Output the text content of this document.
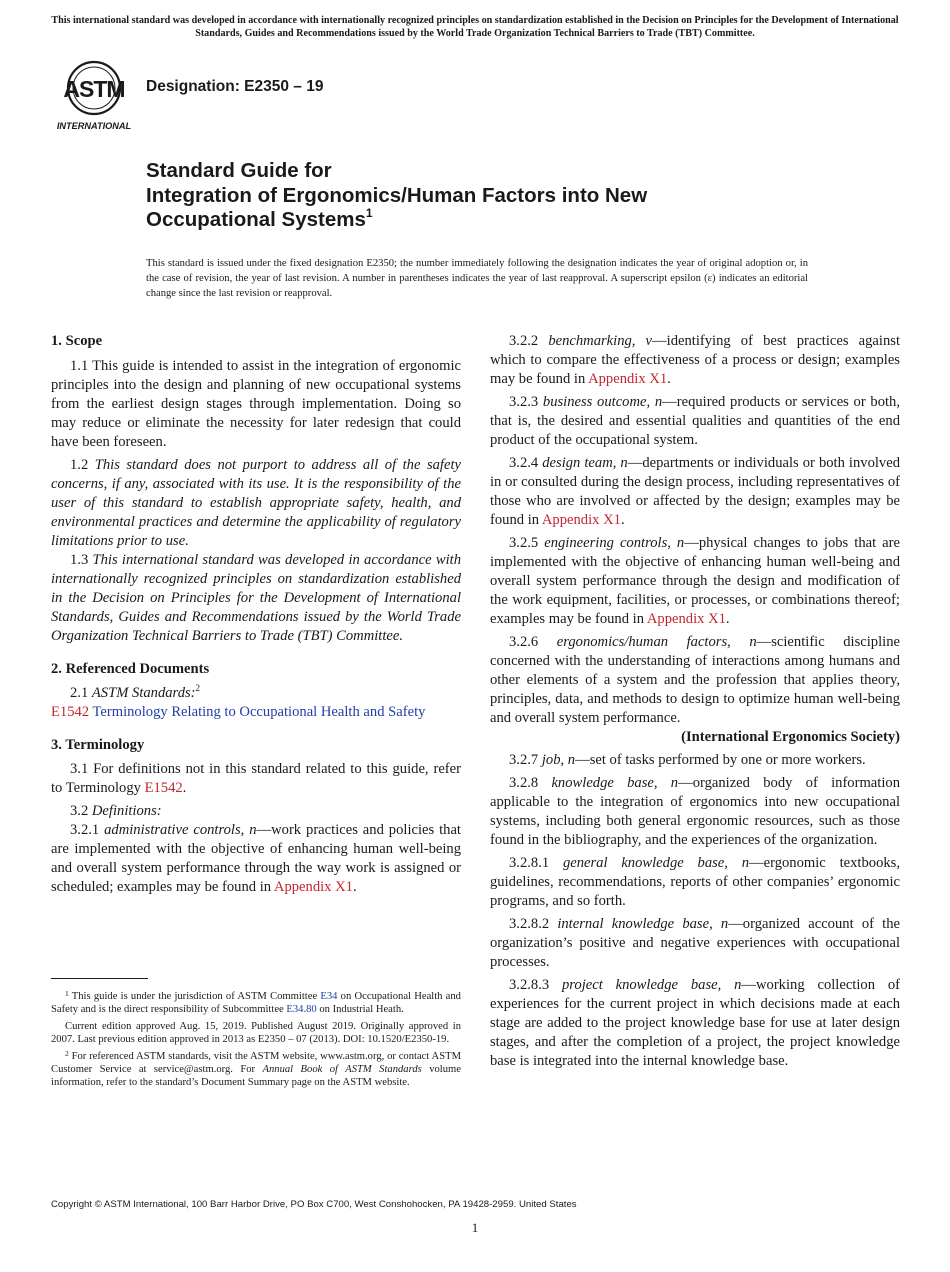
This international standard was developed in accordance with internationally recognized principles on standardization established in the Decision on Principles for the Development of International Standards, Guides and Recommendations issued by the World Trade Organization Technical Barriers to Trade (TBT) Committee.
ASTM
INTERNATIONAL
Designation: E2350 – 19
Standard Guide for
Integration of Ergonomics/Human Factors into New
Occupational Systems$^1$
This standard is issued under the fixed designation E2350; the number immediately following the designation indicates the year of original adoption or, in the case of revision, the year of last revision. A number in parentheses indicates the year of last reapproval. A superscript epsilon (ε) indicates an editorial change since the last revision or reapproval.
1. Scope

1.1 This guide is intended to assist in the integration of ergonomic principles into the design and planning of new occupational systems from the earliest design stages through implementation. Doing so may reduce or eliminate the necessity for later redesign that could have been foreseen.

1.2 This standard does not purport to address all of the safety concerns, if any, associated with its use. It is the responsibility of the user of this standard to establish appropriate safety, health, and environmental practices and determine the applicability of regulatory limitations prior to use.

1.3 This international standard was developed in accordance with internationally recognized principles on standardization established in the Decision on Principles for the Development of International Standards, Guides and Recommendations issued by the World Trade Organization Technical Barriers to Trade (TBT) Committee.

2. Referenced Documents

2.1 ASTM Standards:$^2$

E1542 Terminology Relating to Occupational Health and Safety

3. Terminology

3.1 For definitions not in this standard related to this guide, refer to Terminology E1542.

3.2 Definitions:

3.2.1 administrative controls, n—work practices and policies that are implemented with the objective of enhancing human well-being and overall system performance through the way work is assigned or scheduled; examples may be found in Appendix X1.

3.2.2 benchmarking, v—identifying of best practices against which to compare the effectiveness of a process or design; examples may be found in Appendix X1.

3.2.3 business outcome, n—required products or services or both, that is, the desired and essential qualities and quantities of the end product of the occupational system.

3.2.4 design team, n—departments or individuals or both involved in or consulted during the design process, including representatives of those who are involved or affected by the design; examples may be found in Appendix X1.

3.2.5 engineering controls, n—physical changes to jobs that are implemented with the objective of enhancing human well-being and overall system performance through the design and modification of the work equipment, facilities, or processes, or combinations thereof; examples may be found in Appendix X1.

3.2.6 ergonomics/human factors, n—scientific discipline concerned with the understanding of interactions among humans and other elements of a system and the profession that applies theory, principles, data, and methods to design to optimize human well-being and overall system performance.

(International Ergonomics Society)

3.2.7 job, n—set of tasks performed by one or more workers.

3.2.8 knowledge base, n—organized body of information applicable to the integration of ergonomics into new occupational systems, including both general ergonomic resources, such as those found in the bibliography, and the experiences of the organization.

3.2.8.1 general knowledge base, n—ergonomic textbooks, guidelines, recommendations, reports of other companies’ ergonomic programs, and so forth.

3.2.8.2 internal knowledge base, n—organized account of the organization’s positive and negative experiences with occupational processes.

3.2.8.3 project knowledge base, n—working collection of experiences for the current project in which decisions made at each stage are added to the project knowledge base for use at later design stages, and after the completion of a project, the project knowledge base is integrated into the internal knowledge base.

$^1$ This guide is under the jurisdiction of ASTM Committee E34 on Occupational Health and Safety and is the direct responsibility of Subcommittee E34.80 on Industrial Heath.

Current edition approved Aug. 15, 2019. Published August 2019. Originally approved in 2007. Last previous edition approved in 2013 as E2350 – 07 (2013). DOI: 10.1520/E2350-19.

$^2$ For referenced ASTM standards, visit the ASTM website, www.astm.org, or contact ASTM Customer Service at service@astm.org. For Annual Book of ASTM Standards volume information, refer to the standard’s Document Summary page on the ASTM website.

Copyright © ASTM International, 100 Barr Harbor Drive, PO Box C700, West Conshohocken, PA 19428-2959. United States
1
